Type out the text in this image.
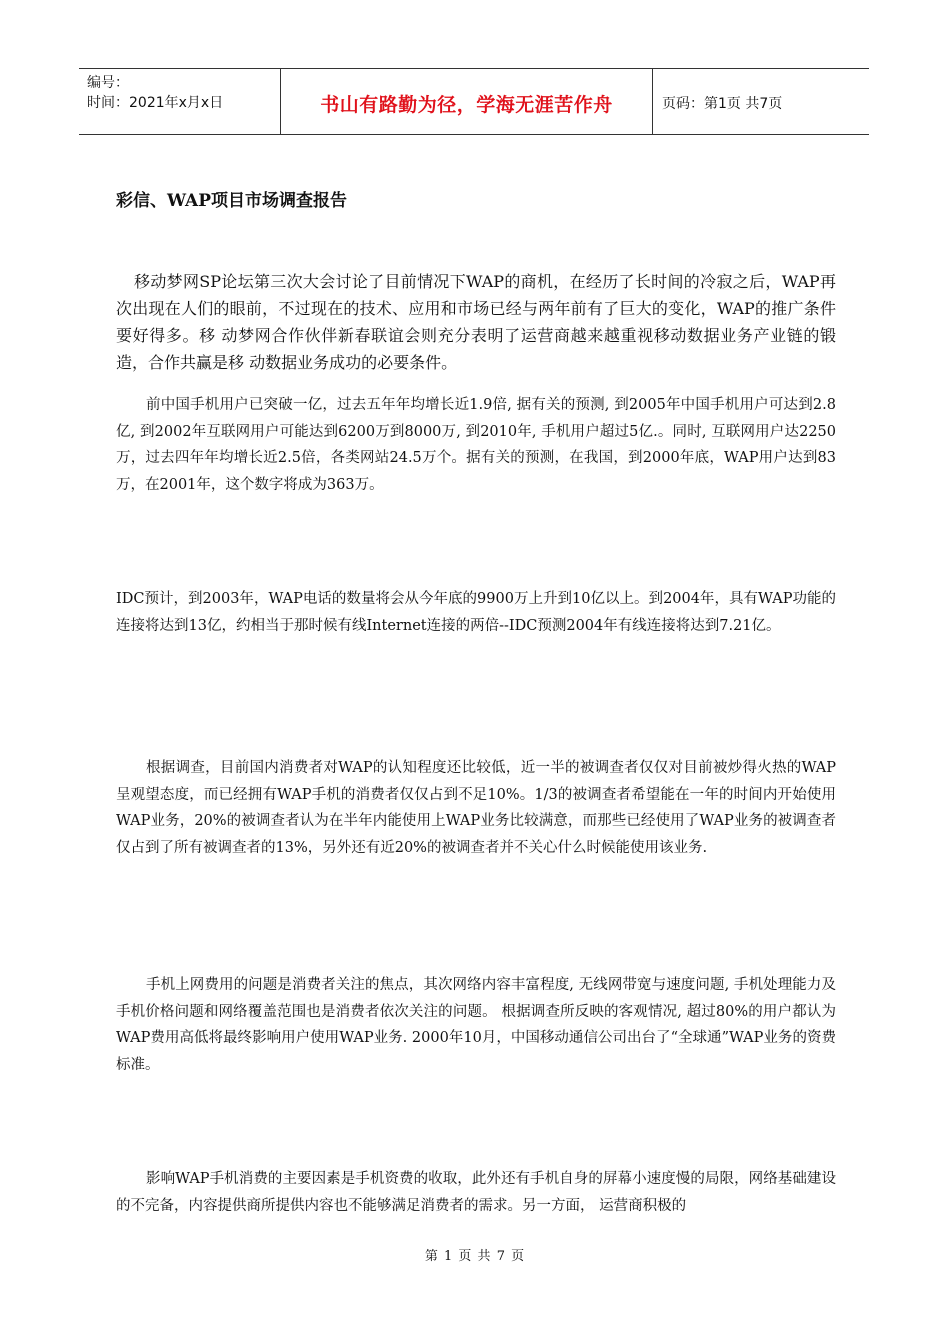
编号：
时间：2021年x月x日	书山有路勤为径，学海无涯苦作舟	页码：第1页 共7页
彩信、WAP项目市场调查报告

移动梦网SP论坛第三次大会讨论了目前情况下WAP的商机，在经历了长时间的冷寂之后，WAP再次出现在人们的眼前，不过现在的技术、应用和市场已经与两年前有了巨大的变化，WAP的推广条件要好得多。移 动梦网合作伙伴新春联谊会则充分表明了运营商越来越重视移动数据业务产业链的锻造，合作共赢是移 动数据业务成功的必要条件。

前中国手机用户已突破一亿，过去五年年均增长近1.9倍, 据有关的预测, 到2005年中国手机用户可达到2.8亿, 到2002年互联网用户可能达到6200万到8000万, 到2010年, 手机用户超过5亿.。同时, 互联网用户达2250万，过去四年年均增长近2.5倍，各类网站24.5万个。据有关的预测，在我国，到2000年底，WAP用户达到83万，在2001年，这个数字将成为363万。

IDC预计，到2003年，WAP电话的数量将会从今年底的9900万上升到10亿以上。到2004年，具有WAP功能的连接将达到13亿，约相当于那时候有线Internet连接的两倍--IDC预测2004年有线连接将达到7.21亿。

根据调查，目前国内消费者对WAP的认知程度还比较低，近一半的被调查者仅仅对目前被炒得火热的WAP呈观望态度，而已经拥有WAP手机的消费者仅仅占到不足10%。1/3的被调查者希望能在一年的时间内开始使用WAP业务，20%的被调查者认为在半年内能使用上WAP业务比较满意，而那些已经使用了WAP业务的被调查者仅占到了所有被调查者的13%，另外还有近20%的被调查者并不关心什么时候能使用该业务.

手机上网费用的问题是消费者关注的焦点，其次网络内容丰富程度, 无线网带宽与速度问题, 手机处理能力及手机价格问题和网络覆盖范围也是消费者依次关注的问题。 根据调查所反映的客观情况, 超过80%的用户都认为WAP费用高低将最终影响用户使用WAP业务. 2000年10月，中国移动通信公司出台了“全球通”WAP业务的资费标准。

影响WAP手机消费的主要因素是手机资费的收取，此外还有手机自身的屏幕小速度慢的局限，网络基础建设的不完备，内容提供商所提供内容也不能够满足消费者的需求。另一方面， 运营商积极的

第 1 页 共 7 页
